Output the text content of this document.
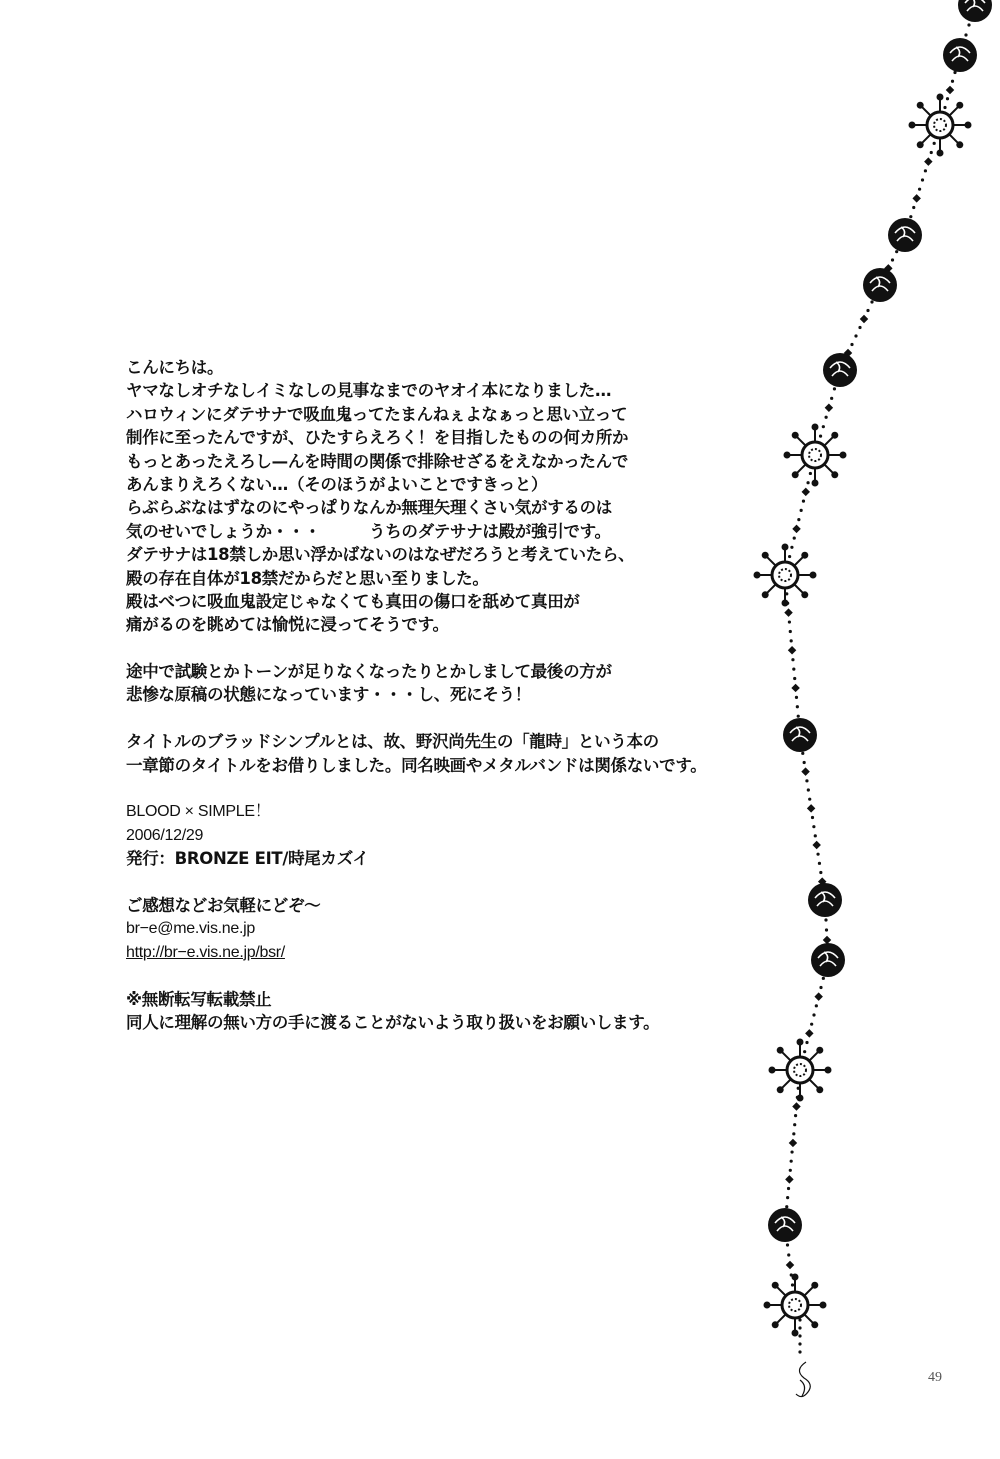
こんにちは。
ヤマなしオチなしイミなしの見事なまでのヤオイ本になりました…
ハロウィンにダテサナで吸血鬼ってたまんねぇよなぁっと思い立って
制作に至ったんですが、ひたすらえろく！を目指したものの何カ所か
もっとあったえろし—んを時間の関係で排除せざるをえなかったんで
あんまりえろくない…（そのほうがよいことですきっと）
らぶらぶなはずなのにやっぱりなんか無理矢理くさい気がするのは
気のせいでしょうか・・・　　　うちのダテサナは殿が強引です。
ダテサナは18禁しか思い浮かばないのはなぜだろうと考えていたら、
殿の存在自体が18禁だからだと思い至りました。
殿はべつに吸血鬼設定じゃなくても真田の傷口を舐めて真田が
痛がるのを眺めては愉悦に浸ってそうです。
途中で試験とかトーンが足りなくなったりとかしまして最後の方が
悲惨な原稿の状態になっています・・・し、死にそう！
タイトルのブラッドシンプルとは、故、野沢尚先生の「龍時」という本の
一章節のタイトルをお借りしました。同名映画やメタルバンドは関係ないです。
BLOOD × SIMPLE！
2006/12/29
発行：BRONZE EIT/時尾カズイ
ご感想などお気軽にどぞ～
br−e@me.vis.ne.jp
http://br−e.vis.ne.jp/bsr/
※無断転写転載禁止
同人に理解の無い方の手に渡ることがないよう取り扱いをお願いします。
49
